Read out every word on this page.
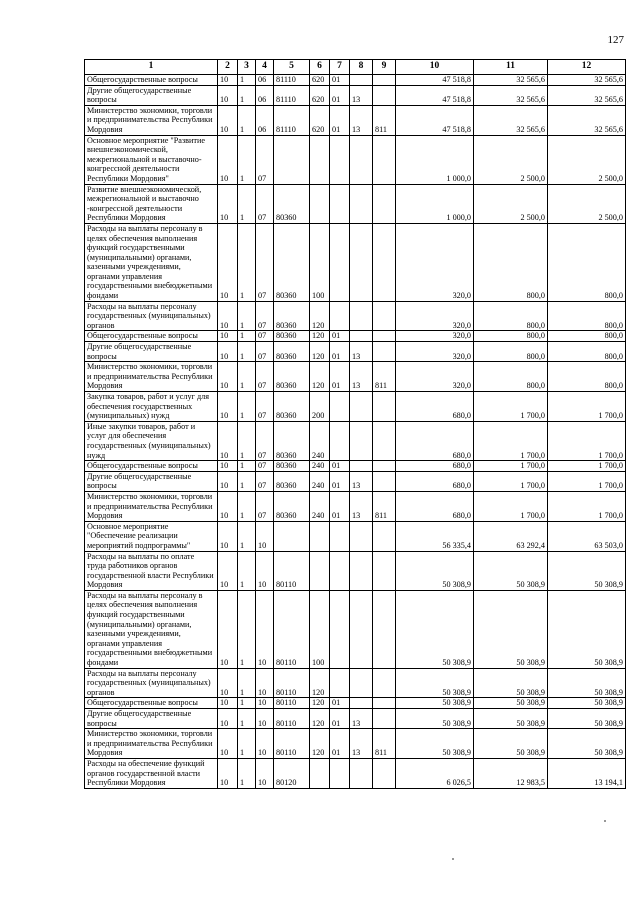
127
1	2	3	4	5	6	7	8	9	10	11	12
Общегосударственные вопросы	10	1	06	81110	620	01			47 518,8	32 565,6	32 565,6
Другие общегосударственные вопросы	10	1	06	81110	620	01	13		47 518,8	32 565,6	32 565,6
Министерство экономики, торговли и предпринимательства Республики Мордовия	10	1	06	81110	620	01	13	811	47 518,8	32 565,6	32 565,6
Основное мероприятие "Развитие внешнеэкономической, межрегиональной и выставочно-конгрессной деятельности Республики Мордовия"	10	1	07						1 000,0	2 500,0	2 500,0
Развитие внешнеэкономической, межрегиональной и выставочно -конгрессной деятельности Республики Мордовия	10	1	07	80360					1 000,0	2 500,0	2 500,0
Расходы на выплаты персоналу в целях обеспечения выполнения функций государственными (муниципальными) органами, казенными учреждениями, органами управления государственными внебюджетными фондами	10	1	07	80360	100				320,0	800,0	800,0
Расходы на выплаты персоналу государственных (муниципальных) органов	10	1	07	80360	120				320,0	800,0	800,0
Общегосударственные вопросы	10	1	07	80360	120	01			320,0	800,0	800,0
Другие общегосударственные вопросы	10	1	07	80360	120	01	13		320,0	800,0	800,0
Министерство экономики, торговли и предпринимательства Республики Мордовия	10	1	07	80360	120	01	13	811	320,0	800,0	800,0
Закупка товаров, работ и услуг для обеспечения государственных (муниципальных) нужд	10	1	07	80360	200				680,0	1 700,0	1 700,0
Иные закупки товаров, работ и услуг для обеспечения государственных (муниципальных) нужд	10	1	07	80360	240				680,0	1 700,0	1 700,0
Общегосударственные вопросы	10	1	07	80360	240	01			680,0	1 700,0	1 700,0
Другие общегосударственные вопросы	10	1	07	80360	240	01	13		680,0	1 700,0	1 700,0
Министерство экономики, торговли и предпринимательства Республики Мордовия	10	1	07	80360	240	01	13	811	680,0	1 700,0	1 700,0
Основное мероприятие "Обеспечение реализации мероприятий подпрограммы"	10	1	10						56 335,4	63 292,4	63 503,0
Расходы на выплаты по оплате труда работников органов государственной власти Республики Мордовия	10	1	10	80110					50 308,9	50 308,9	50 308,9
Расходы на выплаты персоналу в целях обеспечения выполнения функций государственными (муниципальными) органами, казенными учреждениями, органами управления государственными внебюджетными фондами	10	1	10	80110	100				50 308,9	50 308,9	50 308,9
Расходы на выплаты персоналу государственных (муниципальных) органов	10	1	10	80110	120				50 308,9	50 308,9	50 308,9
Общегосударственные вопросы	10	1	10	80110	120	01			50 308,9	50 308,9	50 308,9
Другие общегосударственные вопросы	10	1	10	80110	120	01	13		50 308,9	50 308,9	50 308,9
Министерство экономики, торговли и предпринимательства Республики Мордовия	10	1	10	80110	120	01	13	811	50 308,9	50 308,9	50 308,9
Расходы на обеспечение функций органов государственной власти Республики Мордовия	10	1	10	80120					6 026,5	12 983,5	13 194,1
